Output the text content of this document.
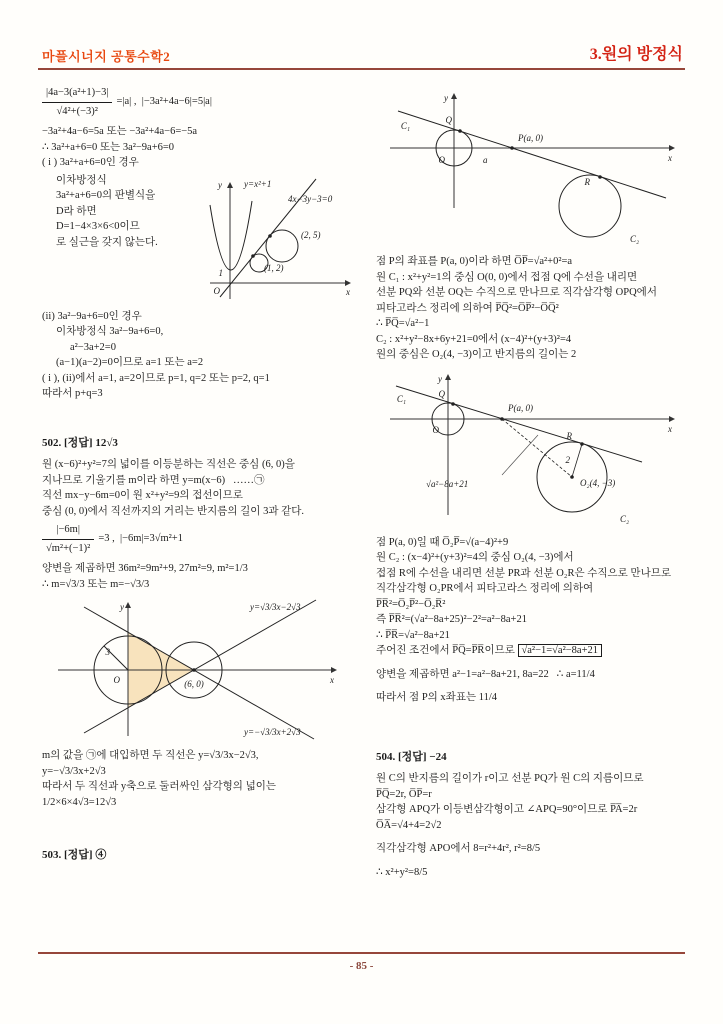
마플시너지 공통수학2	3.원의 방정식
$\frac{\text{|4a−3(a²+1)−3|}}{\text{√4²+(−3)²}} =|a|$ ,  |−3a²+4a−6|=5|a|
−3a²+4a−6=5a 또는 −3a²+4a−6=−5a
∴ 3a²+a+6=0 또는 3a²−9a+6=0
( i ) 3a²+a+6=0인 경우
이차방정식
3a²+a+6=0의 판별식을
D라 하면
D=1−4×3×6<0이므
로 실근을 갖지 않는다.
y
x
O
1
y=x²+1
4x−3y−3=0
(2, 5)
(1, 2)
(ii) 3a²−9a+6=0인 경우
이차방정식 3a²−9a+6=0,
a²−3a+2=0
(a−1)(a−2)=0이므로 a=1 또는 a=2
( i ), (ii)에서 a=1, a=2이므로 p=1, q=2 또는 p=2, q=1
따라서 p+q=3
502. [정답] 12√3
원 (x−6)²+y²=7의 넓이를 이등분하는 직선은 중심 (6, 0)을
지나므로 기울기를 m이라 하면 y=m(x−6)   ……㉠
직선 mx−y−6m=0이 원 x²+y²=9의 접선이므로
중심 (0, 0)에서 직선까지의 거리는 반지름의 길이 3과 같다.
$\frac{|-6m|}{\text{√m²+(−1)²}} =3$ ,  |−6m|=3√m²+1
양변을 제곱하면 36m²=9m²+9, 27m²=9, m²=1/3
∴ m=√3/3 또는 m=−√3/3
y
x
O
3
(6, 0)
y=√3/3x−2√3
y=−√3/3x+2√3
m의 값을 ㉠에 대입하면 두 직선은 y=√3/3x−2√3,
y=−√3/3x+2√3
따라서 두 직선과 y축으로 둘러싸인 삼각형의 넓이는
1/2×6×4√3=12√3
503. [정답] ④
y
x
O
Q
C₁
a
P(a, 0)
R
C₂
점 P의 좌표를 P(a, 0)이라 하면 O̅P̅=√a²+0²=a
원 C₁ : x²+y²=1의 중심 O(0, 0)에서 접점 Q에 수선을 내리면
선분 PQ와 선분 OQ는 수직으로 만나므로 직각삼각형 OPQ에서
피타고라스 정리에 의하여 P̅Q̅²=O̅P̅²−O̅Q̅²
∴ P̅Q̅=√a²−1
C₂ : x²+y²−8x+6y+21=0에서 (x−4)²+(y+3)²=4
원의 중심은 O₂(4, −3)이고 반지름의 길이는 2
y
x
O
Q
C₁
P(a, 0)
√a²−8a+21
R
2
O₂(4, −3)
C₂
점 P(a, 0)일 때 O̅₂P̅=√(a−4)²+9
원 C₂ : (x−4)²+(y+3)²=4의 중심 O₂(4, −3)에서
접점 R에 수선을 내리면 선분 PR과 선분 O₂R은 수직으로 만나므로
직각삼각형 O₂PR에서 피타고라스 정리에 의하여
P̅R̅²=O̅₂P̅²−O̅₂R̅²
즉 P̅R̅²=(√a²−8a+25)²−2²=a²−8a+21
∴ P̅R̅=√a²−8a+21
주어진 조건에서 P̅Q̅=P̅R̅이므로 √a²−1=√a²−8a+21
양변을 제곱하면 a²−1=a²−8a+21, 8a=22   ∴ a=11/4
따라서 점 P의 x좌표는 11/4
504. [정답] −24
원 C의 반지름의 길이가 r이고 선분 PQ가 원 C의 지름이므로
P̅Q̅=2r, O̅P̅=r
삼각형 APQ가 이등변삼각형이고 ∠APQ=90°이므로 P̅A̅=2r
O̅A̅=√4+4=2√2
직각삼각형 APO에서 8=r²+4r², r²=8/5
∴ x²+y²=8/5
- 85 -
